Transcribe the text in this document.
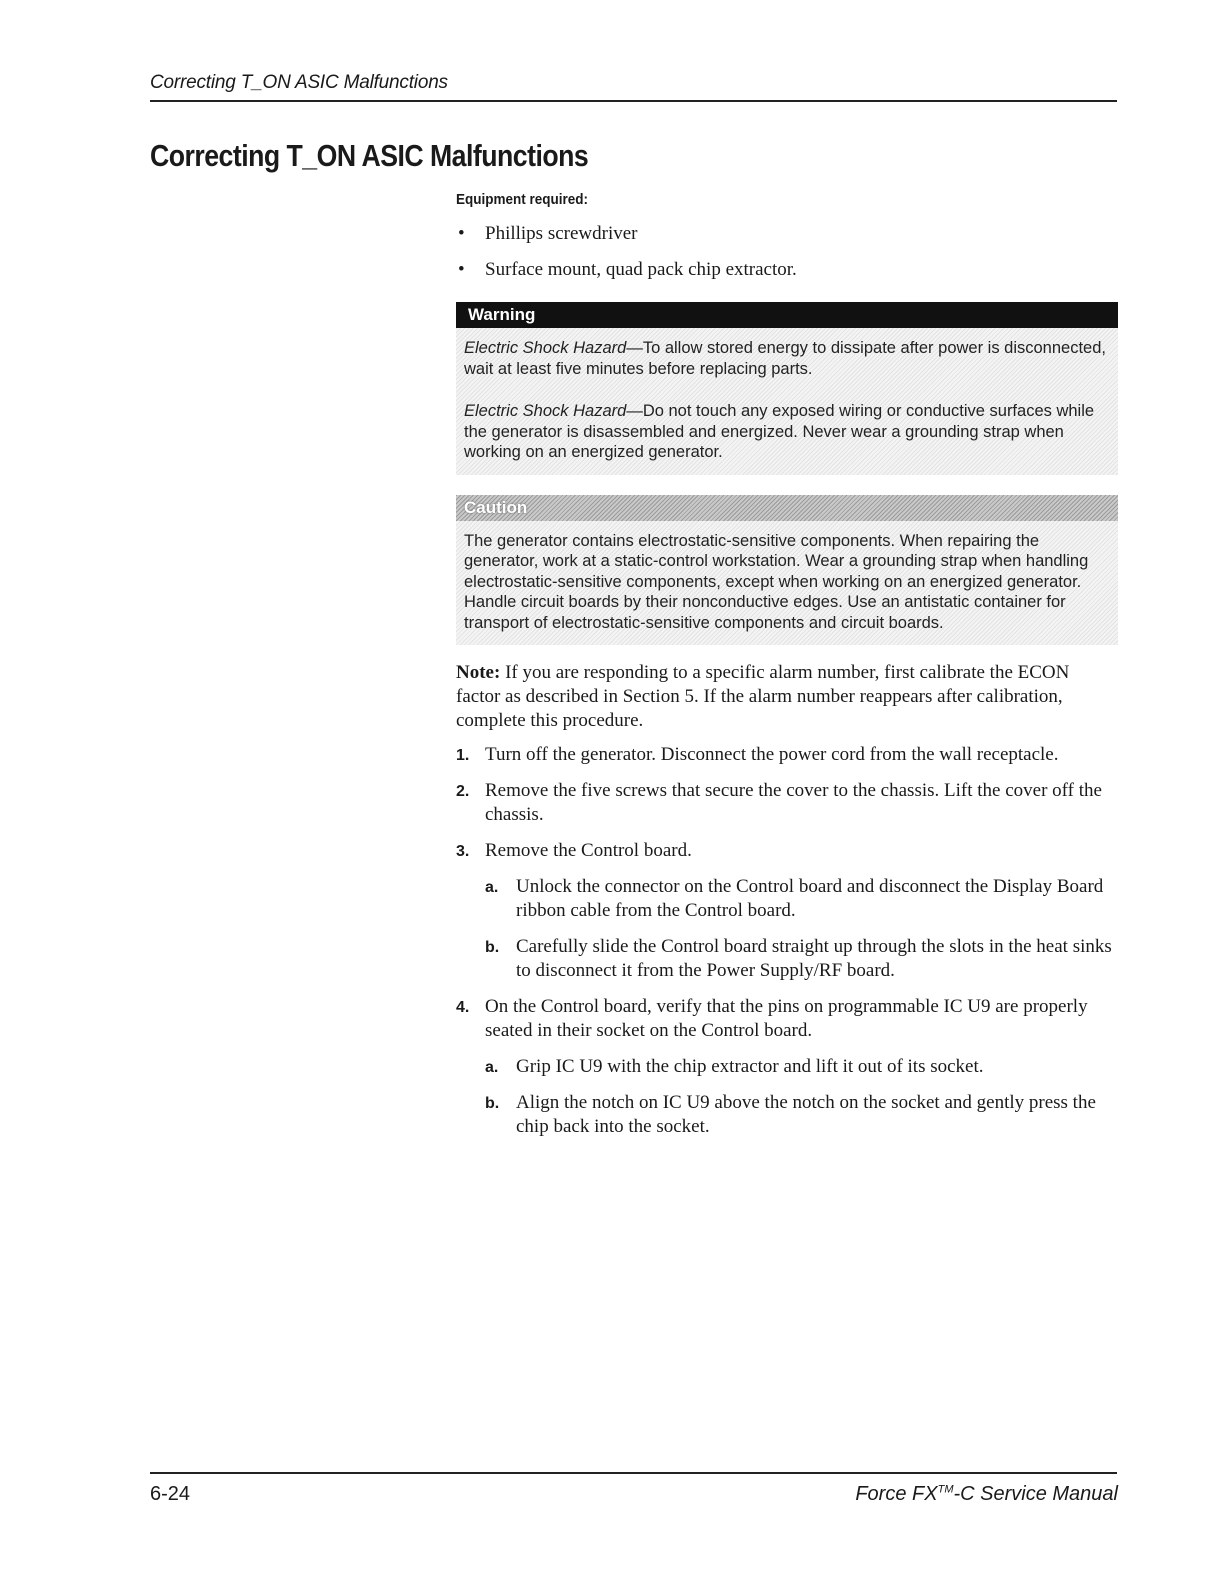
Correcting T_ON ASIC Malfunctions
Correcting T_ON ASIC Malfunctions
Equipment required:
• Phillips screwdriver
• Surface mount, quad pack chip extractor.
Warning

Electric Shock Hazard—To allow stored energy to dissipate after power is disconnected, wait at least five minutes before replacing parts.

Electric Shock Hazard—Do not touch any exposed wiring or conductive surfaces while the generator is disassembled and energized. Never wear a grounding strap when working on an energized generator.

Caution

The generator contains electrostatic-sensitive components. When repairing the generator, work at a static-control workstation. Wear a grounding strap when handling electrostatic-sensitive components, except when working on an energized generator. Handle circuit boards by their nonconductive edges. Use an antistatic container for transport of electrostatic-sensitive components and circuit boards.

Note: If you are responding to a specific alarm number, first calibrate the ECON factor as described in Section 5. If the alarm number reappears after calibration, complete this procedure.
1. Turn off the generator. Disconnect the power cord from the wall receptacle.
2. Remove the five screws that secure the cover to the chassis. Lift the cover off the chassis.
3. Remove the Control board.
a. Unlock the connector on the Control board and disconnect the Display Board ribbon cable from the Control board.
b. Carefully slide the Control board straight up through the slots in the heat sinks to disconnect it from the Power Supply/RF board.
4. On the Control board, verify that the pins on programmable IC U9 are properly seated in their socket on the Control board.
a. Grip IC U9 with the chip extractor and lift it out of its socket.
b. Align the notch on IC U9 above the notch on the socket and gently press the chip back into the socket.
6-24	Force FX™-C Service Manual
